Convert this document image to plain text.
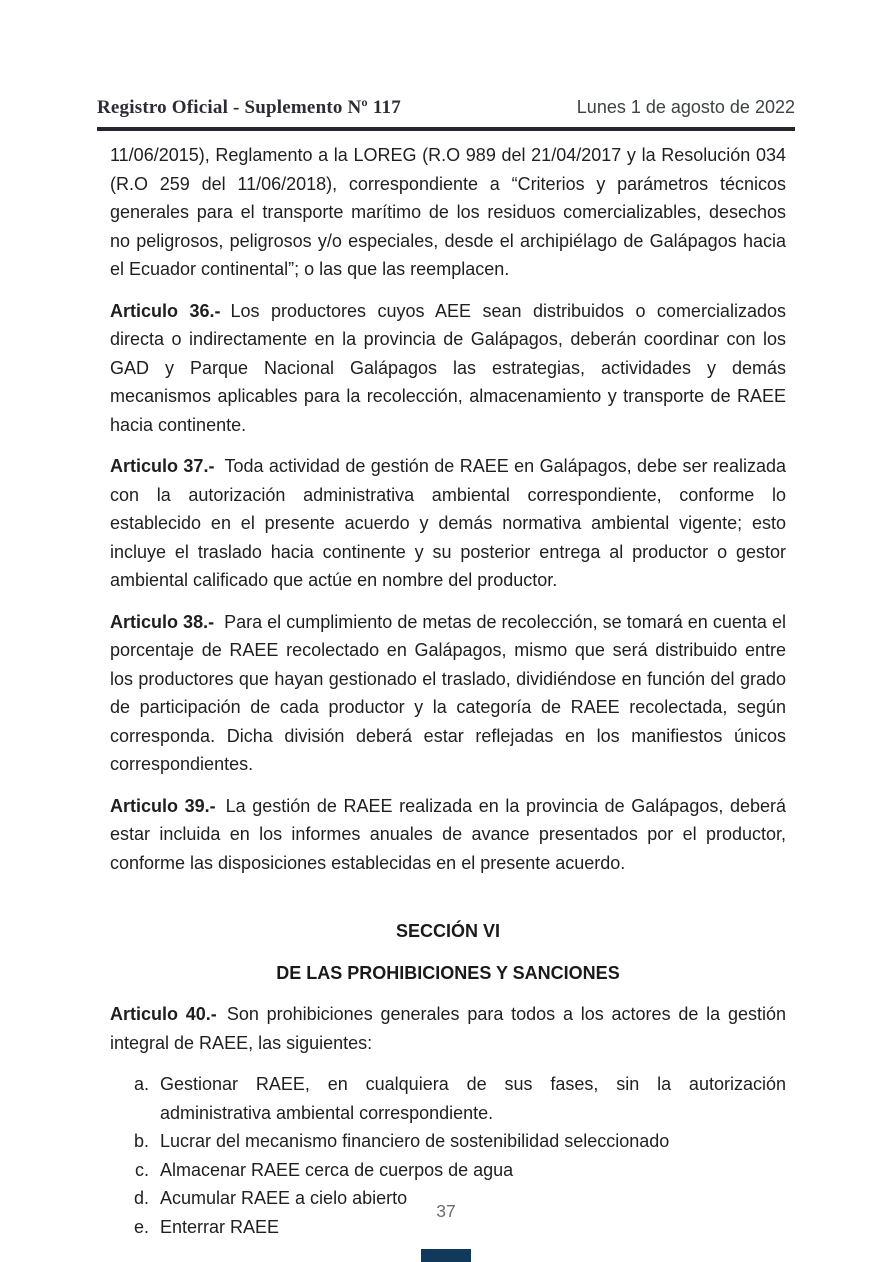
Registro Oficial - Suplemento Nº 117	Lunes 1 de agosto de 2022

11/06/2015), Reglamento a la LOREG (R.O 989 del 21/04/2017 y la Resolución 034 (R.O 259 del 11/06/2018), correspondiente a “Criterios y parámetros técnicos generales para el transporte marítimo de los residuos comercializables, desechos no peligrosos, peligrosos y/o especiales, desde el archipiélago de Galápagos hacia el Ecuador continental”; o las que las reemplacen.

Articulo 36.- Los productores cuyos AEE sean distribuidos o comercializados directa o indirectamente en la provincia de Galápagos, deberán coordinar con los GAD y Parque Nacional Galápagos las estrategias, actividades y demás mecanismos aplicables para la recolección, almacenamiento y transporte de RAEE hacia continente.

Articulo 37.- Toda actividad de gestión de RAEE en Galápagos, debe ser realizada con la autorización administrativa ambiental correspondiente, conforme lo establecido en el presente acuerdo y demás normativa ambiental vigente; esto incluye el traslado hacia continente y su posterior entrega al productor o gestor ambiental calificado que actúe en nombre del productor.

Articulo 38.- Para el cumplimiento de metas de recolección, se tomará en cuenta el porcentaje de RAEE recolectado en Galápagos, mismo que será distribuido entre los productores que hayan gestionado el traslado, dividiéndose en función del grado de participación de cada productor y la categoría de RAEE recolectada, según corresponda. Dicha división deberá estar reflejadas en los manifiestos únicos correspondientes.

Articulo 39.- La gestión de RAEE realizada en la provincia de Galápagos, deberá estar incluida en los informes anuales de avance presentados por el productor, conforme las disposiciones establecidas en el presente acuerdo.

SECCIÓN VI
DE LAS PROHIBICIONES Y SANCIONES

Articulo 40.- Son prohibiciones generales para todos a los actores de la gestión integral de RAEE, las siguientes:

a. Gestionar RAEE, en cualquiera de sus fases, sin la autorización administrativa ambiental correspondiente.
b. Lucrar del mecanismo financiero de sostenibilidad seleccionado
c. Almacenar RAEE cerca de cuerpos de agua
d. Acumular RAEE a cielo abierto
e. Enterrar RAEE
37
